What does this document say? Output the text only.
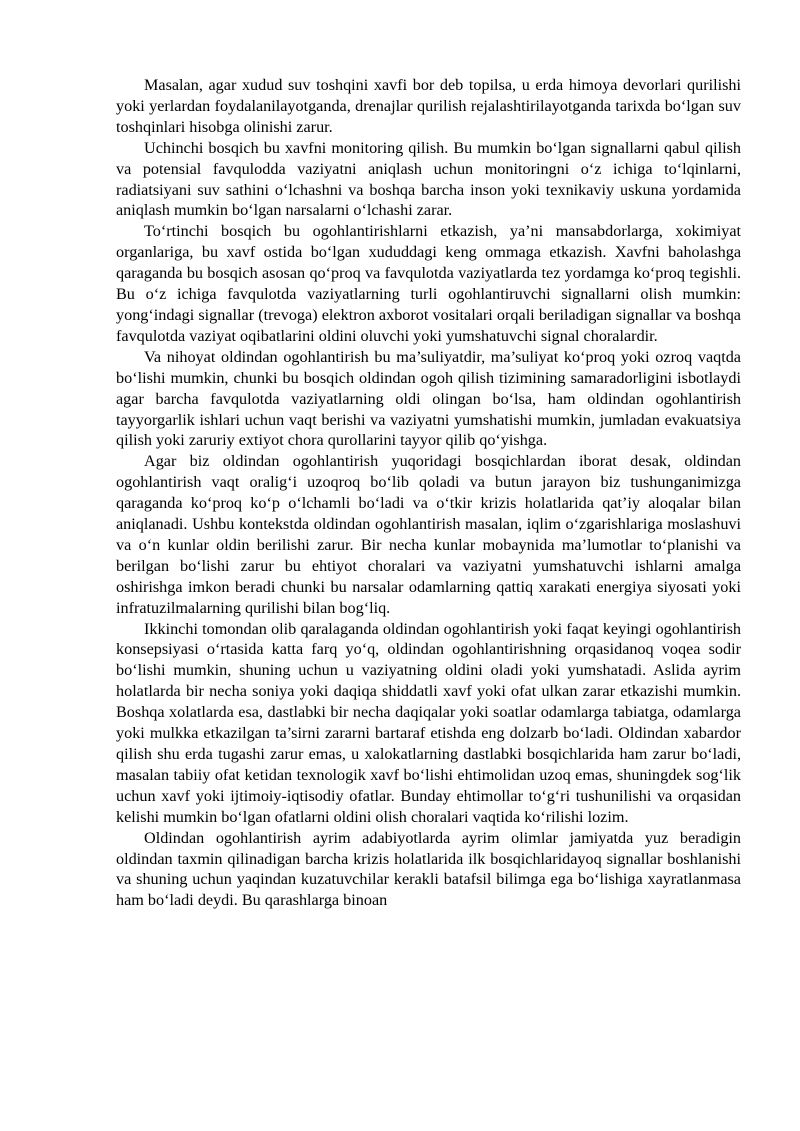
Masalan, agar xudud suv toshqini xavfi bor deb topilsa, u erda himoya devorlari qurilishi yoki yerlardan foydalanilayotganda, drenajlar qurilish rejalashtirilayotganda tarixda bo‘lgan suv toshqinlari hisobga olinishi zarur.

Uchinchi bosqich bu xavfni monitoring qilish. Bu mumkin bo‘lgan signallarni qabul qilish va potensial favqulodda vaziyatni aniqlash uchun monitoringni o‘z ichiga to‘lqinlarni, radiatsiyani suv sathini o‘lchashni va boshqa barcha inson yoki texnikaviy uskuna yordamida aniqlash mumkin bo‘lgan narsalarni o‘lchashi zarar.

To‘rtinchi bosqich bu ogohlantirishlarni etkazish, ya’ni mansabdorlarga, xokimiyat organlariga, bu xavf ostida bo‘lgan xududdagi keng ommaga etkazish. Xavfni baholashga qaraganda bu bosqich asosan qo‘proq va favqulotda vaziyatlarda tez yordamga ko‘proq tegishli. Bu o‘z ichiga favqulotda vaziyatlarning turli ogohlantiruvchi signallarni olish mumkin: yong‘indagi signallar (trevoga) elektron axborot vositalari orqali beriladigan signallar va boshqa favqulotda vaziyat oqibatlarini oldini oluvchi yoki yumshatuvchi signal choralardir.

Va nihoyat oldindan ogohlantirish bu ma’suliyatdir, ma’suliyat ko‘proq yoki ozroq vaqtda bo‘lishi mumkin, chunki bu bosqich oldindan ogoh qilish tizimining samaradorligini isbotlaydi agar barcha favqulotda vaziyatlarning oldi olingan bo‘lsa, ham oldindan ogohlantirish tayyorgarlik ishlari uchun vaqt berishi va vaziyatni yumshatishi mumkin, jumladan evakuatsiya qilish yoki zaruriy extiyot chora qurollarini tayyor qilib qo‘yishga.

Agar biz oldindan ogohlantirish yuqoridagi bosqichlardan iborat desak, oldindan ogohlantirish vaqt oralig‘i uzoqroq bo‘lib qoladi va butun jarayon biz tushunganimizga qaraganda ko‘proq ko‘p o‘lchamli bo‘ladi va o‘tkir krizis holatlarida qat’iy aloqalar bilan aniqlanadi. Ushbu kontekstda oldindan ogohlantirish masalan, iqlim o‘zgarishlariga moslashuvi va o‘n kunlar oldin berilishi zarur. Bir necha kunlar mobaynida ma’lumotlar to‘planishi va berilgan bo‘lishi zarur bu ehtiyot choralari va vaziyatni yumshatuvchi ishlarni amalga oshirishga imkon beradi chunki bu narsalar odamlarning qattiq xarakati energiya siyosati yoki infratuzilmalarning qurilishi bilan bog‘liq.

Ikkinchi tomondan olib qaralaganda oldindan ogohlantirish yoki faqat keyingi ogohlantirish konsepsiyasi o‘rtasida katta farq yo‘q, oldindan ogohlantirishning orqasidanoq voqea sodir bo‘lishi mumkin, shuning uchun u vaziyatning oldini oladi yoki yumshatadi. Aslida ayrim holatlarda bir necha soniya yoki daqiqa shiddatli xavf yoki ofat ulkan zarar etkazishi mumkin. Boshqa xolatlarda esa, dastlabki bir necha daqiqalar yoki soatlar odamlarga tabiatga, odamlarga yoki mulkka etkazilgan ta’sirni zararni bartaraf etishda eng dolzarb bo‘ladi. Oldindan xabardor qilish shu erda tugashi zarur emas, u xalokatlarning dastlabki bosqichlarida ham zarur bo‘ladi, masalan tabiiy ofat ketidan texnologik xavf bo‘lishi ehtimolidan uzoq emas, shuningdek sog‘lik uchun xavf yoki ijtimoiy-iqtisodiy ofatlar. Bunday ehtimollar to‘g‘ri tushunilishi va orqasidan kelishi mumkin bo‘lgan ofatlarni oldini olish choralari vaqtida ko‘rilishi lozim.

Oldindan ogohlantirish ayrim adabiyotlarda ayrim olimlar jamiyatda yuz beradigin oldindan taxmin qilinadigan barcha krizis holatlarida ilk bosqichlaridayoq signallar boshlanishi va shuning uchun yaqindan kuzatuvchilar kerakli batafsil bilimga ega bo‘lishiga xayratlanmasa ham bo‘ladi deydi. Bu qarashlarga binoan
